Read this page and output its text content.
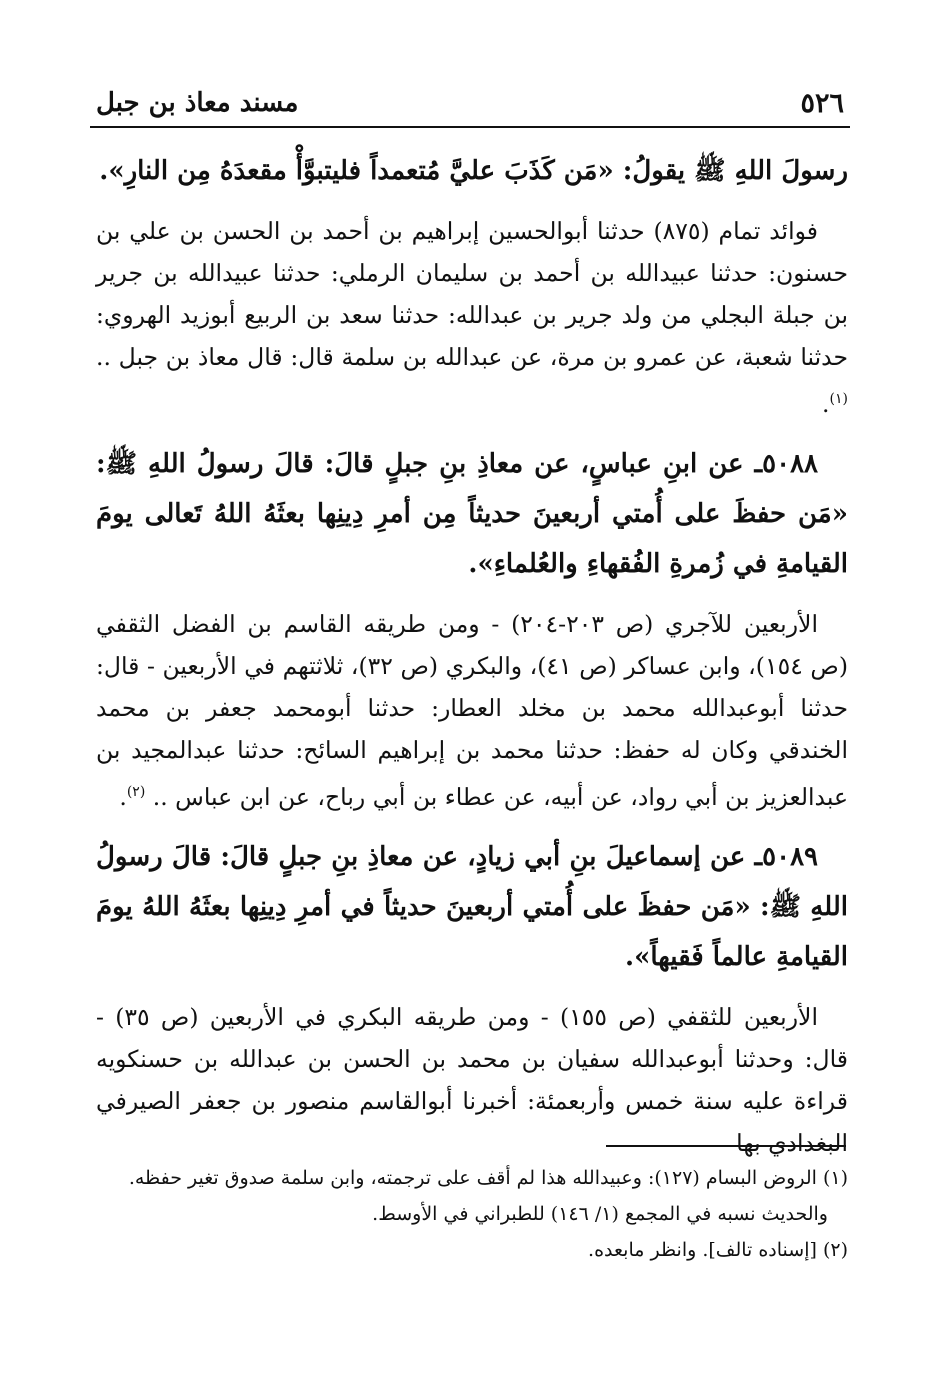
٥٢٦
مسند معاذ بن جبل

رسولَ اللهِ ﷺ يقولُ: «مَن كَذَبَ عليَّ مُتعمداً فليتبوَّأْ مقعدَهُ مِن النارِ».

فوائد تمام (٨٧٥) حدثنا أبوالحسين إبراهيم بن أحمد بن الحسن بن علي بن حسنون: حدثنا عبيدالله بن أحمد بن سليمان الرملي: حدثنا عبيدالله بن جرير بن جبلة البجلي من ولد جرير بن عبدالله: حدثنا سعد بن الربيع أبوزيد الهروي: حدثنا شعبة، عن عمرو بن مرة، عن عبدالله بن سلمة قال: قال معاذ بن جبل .. $^{(١)}$.

٥٠٨٨ـ عن ابنِ عباسٍ، عن معاذِ بنِ جبلٍ قالَ: قالَ رسولُ اللهِ ﷺ: «مَن حفظَ على أُمتي أربعينَ حديثاً مِن أمرِ دِينِها بعثَهُ اللهُ تَعالى يومَ القيامةِ في زُمرةِ الفُقهاءِ والعُلماءِ».

الأربعين للآجري (ص ٢٠٣-٢٠٤) - ومن طريقه القاسم بن الفضل الثقفي (ص ١٥٤)، وابن عساكر (ص ٤١)، والبكري (ص ٣٢)، ثلاثتهم في الأربعين - قال: حدثنا أبوعبدالله محمد بن مخلد العطار: حدثنا أبومحمد جعفر بن محمد الخندقي وكان له حفظ: حدثنا محمد بن إبراهيم السائح: حدثنا عبدالمجيد بن عبدالعزيز بن أبي رواد، عن أبيه، عن عطاء بن أبي رباح، عن ابن عباس .. $^{(٢)}$.

٥٠٨٩ـ عن إسماعيلَ بنِ أبي زيادٍ، عن معاذِ بنِ جبلٍ قالَ: قالَ رسولُ اللهِ ﷺ: «مَن حفظَ على أُمتي أربعينَ حديثاً في أمرِ دِينِها بعثَهُ اللهُ يومَ القيامةِ عالماً فَقيهاً».

الأربعين للثقفي (ص ١٥٥) - ومن طريقه البكري في الأربعين (ص ٣٥) - قال: وحدثنا أبوعبدالله سفيان بن محمد بن الحسن بن عبدالله بن حسنكويه قراءة عليه سنة خمس وأربعمئة: أخبرنا أبوالقاسم منصور بن جعفر الصيرفي البغدادي بها

(١) الروض البسام (١٢٧): وعبيدالله هذا لم أقف على ترجمته، وابن سلمة صدوق تغير حفظه.
والحديث نسبه في المجمع (١/ ١٤٦) للطبراني في الأوسط.
(٢) [إسناده تالف]. وانظر مابعده.
